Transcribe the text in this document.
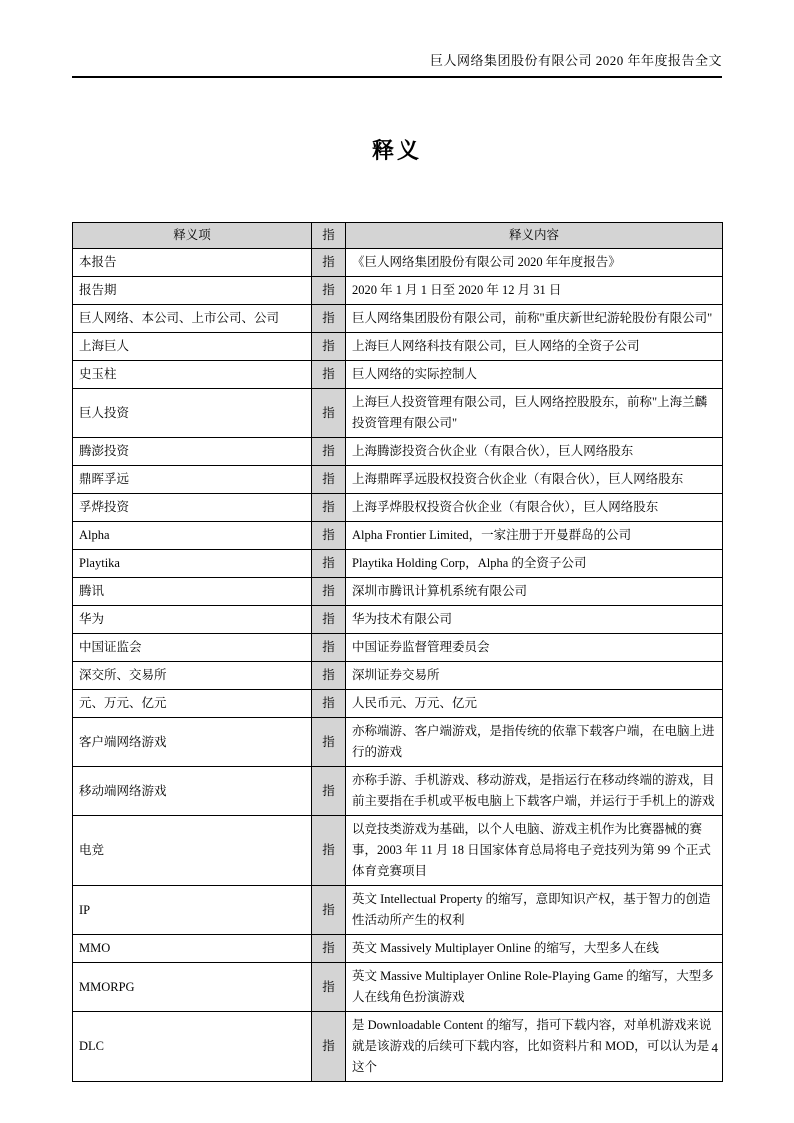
巨人网络集团股份有限公司 2020 年年度报告全文
释义
释义项	指	释义内容
本报告	指	《巨人网络集团股份有限公司 2020 年年度报告》
报告期	指	2020 年 1 月 1 日至 2020 年 12 月 31 日
巨人网络、本公司、上市公司、公司	指	巨人网络集团股份有限公司，前称"重庆新世纪游轮股份有限公司"
上海巨人	指	上海巨人网络科技有限公司，巨人网络的全资子公司
史玉柱	指	巨人网络的实际控制人
巨人投资	指	上海巨人投资管理有限公司，巨人网络控股股东，前称"上海兰麟投资管理有限公司"
腾澎投资	指	上海腾澎投资合伙企业（有限合伙），巨人网络股东
鼎晖孚远	指	上海鼎晖孚远股权投资合伙企业（有限合伙），巨人网络股东
孚烨投资	指	上海孚烨股权投资合伙企业（有限合伙），巨人网络股东
Alpha	指	Alpha Frontier Limited，一家注册于开曼群岛的公司
Playtika	指	Playtika Holding Corp，Alpha 的全资子公司
腾讯	指	深圳市腾讯计算机系统有限公司
华为	指	华为技术有限公司
中国证监会	指	中国证券监督管理委员会
深交所、交易所	指	深圳证券交易所
元、万元、亿元	指	人民币元、万元、亿元
客户端网络游戏	指	亦称端游、客户端游戏，是指传统的依靠下载客户端，在电脑上进行的游戏
移动端网络游戏	指	亦称手游、手机游戏、移动游戏，是指运行在移动终端的游戏，目前主要指在手机或平板电脑上下载客户端，并运行于手机上的游戏
电竞	指	以竞技类游戏为基础，以个人电脑、游戏主机作为比赛器械的赛事，2003 年 11 月 18 日国家体育总局将电子竞技列为第 99 个正式体育竞赛项目
IP	指	英文 Intellectual Property 的缩写，意即知识产权，基于智力的创造性活动所产生的权利
MMO	指	英文 Massively Multiplayer Online 的缩写，大型多人在线
MMORPG	指	英文 Massive Multiplayer Online Role-Playing Game 的缩写，大型多人在线角色扮演游戏
DLC	指	是 Downloadable Content 的缩写，指可下载内容，对单机游戏来说就是该游戏的后续可下载内容，比如资料片和 MOD，可以认为是这个
4
